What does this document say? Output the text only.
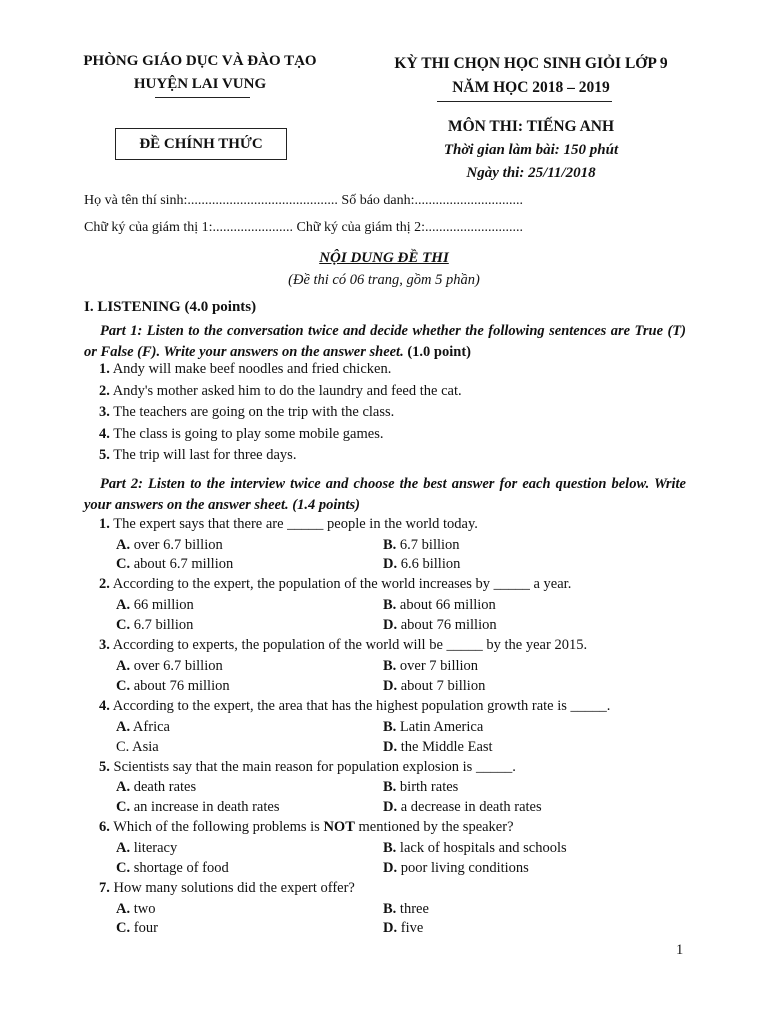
PHÒNG GIÁO DỤC VÀ ĐÀO TẠO
HUYỆN LAI VUNG
ĐỀ CHÍNH THỨC
KỲ THI CHỌN HỌC SINH GIỎI LỚP 9
NĂM HỌC 2018 – 2019
MÔN THI: TIẾNG ANH
Thời gian làm bài: 150 phút
Ngày thi: 25/11/2018
Họ và tên thí sinh:........................................... Số báo danh:...............................
Chữ ký của giám thị 1:....................... Chữ ký của giám thị 2:............................
NỘI DUNG ĐỀ THI
(Đề thi có 06 trang, gồm 5 phần)
I. LISTENING (4.0 points)
Part 1: Listen to the conversation twice and decide whether the following sentences are True (T) or False (F). Write your answers on the answer sheet. (1.0 point)
1. Andy will make beef noodles and fried chicken.
2. Andy's mother asked him to do the laundry and feed the cat.
3. The teachers are going on the trip with the class.
4. The class is going to play some mobile games.
5. The trip will last for three days.
Part 2: Listen to the interview twice and choose the best answer for each question below. Write your answers on the answer sheet. (1.4 points)
1. The expert says that there are _____ people in the world today.
A. over 6.7 billion	B. 6.7 billion
C. about 6.7 million	D. 6.6 billion
2. According to the expert, the population of the world increases by _____ a year.
A. 66 million	B. about 66 million
C. 6.7 billion	D. about 76 million
3. According to experts, the population of the world will be _____ by the year 2015.
A. over 6.7 billion	B. over 7 billion
C. about 76 million	D. about 7 billion
4. According to the expert, the area that has the highest population growth rate is _____.
A. Africa	B. Latin America
C. Asia	D. the Middle East
5. Scientists say that the main reason for population explosion is _____.
A. death rates	B. birth rates
C. an increase in death rates	D. a decrease in death rates
6. Which of the following problems is NOT mentioned by the speaker?
A. literacy	B. lack of hospitals and schools
C. shortage of food	D. poor living conditions
7. How many solutions did the expert offer?
A. two	B. three
C. four	D. five
1
